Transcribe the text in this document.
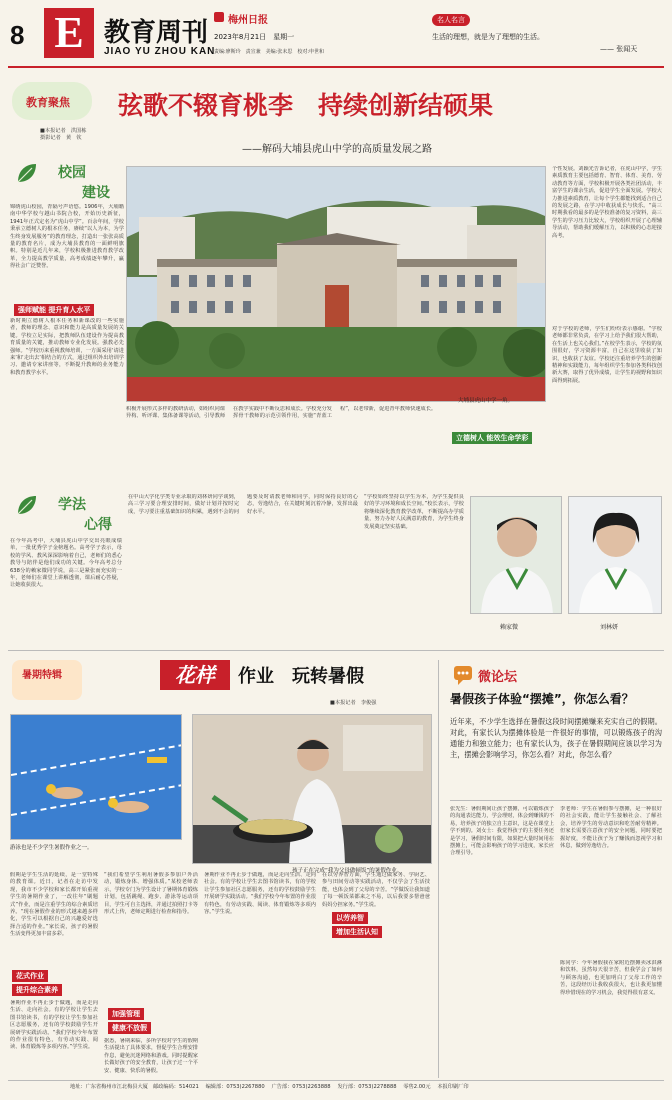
8 E 教育周刊
JIAO YU ZHOU KAN
梅州日报
2023年8月21日　 星期一
责编:廖斯玲　责宣兼　美编:张未思　校对:申世和
名人名言
生活的理想，就是为了理想的生活。
—— 张闻天
教育聚焦 弦歌不辍育桃李　持续创新结硕果
——解码大埔县虎山中学的高质量发展之路
■本报记者　洪国栋
摄影记者　黄　钦
校园
建设
锦绣虎山校园，青隔号声语悠。1906年，大埔籍南中华学校与越山书院合校，开始历史新征，1941年正式定名为“虎山中学”。百余年间，学校秉承立德树人的根本任务，赓续“以人为本，为学生终身发展服务”的教育理念，打造出一张张高质量的教育名片，成为大埔县教育的一面鲜明旗帜。特别是近几年来，学校积极推进教育教学改革，全力提高教学质量，高考成绩逐年攀升，赢得社会广泛赞誉。
强师赋能 提升育人水平
新时期立德树人根本任务和新课改的一些实施者，教师的理念、意识和能力是高质量发展的关键。学校立足实际，把教师队伍建设作为提高教育质量的关键，推动教师专业化发展。强教必先强师。“学校历来重视教师培训，一方面采用‘请进来’和‘走出去’相结合的方式，通过组织外出培训学习、邀请专家讲座等，不断提升教师的业务能力和教育教学水平。
大埔县虎山中学一角。
积极开展形式多样的教研活动，如组织同课异构、听评课、集体备课等活动，引导教师在教学实践中不断反思和成长。学校充分发挥骨干教师的示范引领作用，实施“青蓝工程”，以老带新，促进青年教师快速成长。
立德树人 能效生命学彩
个性发展。刘颖光告诉记者，在虎山中学，学生素质教育主要包括德育、智育、体育、美育、劳动教育等方面，学校积极开展各类社团活动，丰富学生的课余生活，促进学生全面发展。学校大力推进素质教育，让每个学生都能找到适合自己的发展之路，在学习中收获成长与快乐。“高三时期我看的最多的是学校准备的复习资料，高三学生的学习压力比较大，学校组织开展了心理辅导活动，帮助我们缓解压力，以积极的心态迎接高考。
对于学校的老师，学生们纷纷表示感谢。“学校老师都非常负责，在学习上给予我们很大帮助，在生活上也关心我们。”在校学生表示，学校的氛围很好，学习资源丰富，自己在这里收获了知识，也收获了友谊。学校还注重培养学生的创新精神和实践能力，每年组织学生参加各类科技创新大赛，取得了优异成绩，让学生的视野和知识面得到拓展。
学法
心得
在今年高考中，大埔县虎山中学交出亮眼成绩单，一批优秀学子金榜题名。高考学子表示，母校的学风、教风深深影响着自己，老师们的悉心教导与陪伴是他们成功的关键。今年高考总分638分的赖家微同学说，高三是紧张而充实的一年，老师们在课堂上讲解透彻，课后耐心答疑，让她收获很大。
在中山大学化学类专业录取的刘林妍同学谈到，高三学习要合理安排时间，做好计划并按时完成，学习要注重基础知识的积累，遇到不会的问题要及时请教老师和同学，同时保持良好的心态，劳逸结合，在关键时刻沉着冷静，发挥出最好水平。
“学校始终坚持以学生为本，为学生提供良好的学习环境和成长空间。”校长表示，学校将继续深化教育教学改革，不断提高办学质量，努力办好人民满意的教育，为学生终身发展奠定坚实基础。
赖家微	刘林妍
暑期特辑	花样	作业　玩转暑假
■本报记者　李俊强
游泳也是不少学生暑假作业之一。
孩子正在完成“我为父母做顿饭”的暑假作业。
假期是学生生活的延续，是一堂特殊的教育课。近日，记者在走访中发现，我市不少学校和家长都开始重视学生的暑期作业了，一改往年“刷题式”作业，而是注重学生的综合素质培养。“现在暑假作业的形式越来越多样化，学生可以根据自己的兴趣爱好选择合适的作业。”家长说，孩子的暑假生活变得更加丰富多彩。
花式作业
提升综合素养
暑期作业不再止步于做题，而是走向生活、走向社会。有的学校让学生去图书馆读书，有的学校让学生参加社区志愿服务，还有的学校鼓励学生开展研学实践活动。“我们学校今年布置的作业很有特色，有劳动实践、阅读、体育锻炼等多项内容。”学生说。
“我们希望学生利用暑假多参加户外活动，锻炼身体、增强体质。”某校老师表示，学校专门为学生设计了暑期体育锻炼计划，包括跳绳、跑步、游泳等运动项目，学生可自主选择，并通过拍照打卡等形式上传，老师定期进行检查和指导。
加强管理
健康不放假
据悉，暑期来临，多所学校对学生的假期生活提出了具体要求，督促学生合理安排作息，避免沉迷网络和游戏。同时提醒家长做好孩子的安全教育，让孩子过一个平安、健康、快乐的暑假。
暑期作业不再止步于做题，而是走向生活、走向社会。有的学校让学生去图书馆读书，有的学校让学生参加社区志愿服务，还有的学校鼓励学生开展研学实践活动。“我们学校今年布置的作业很有特色，有劳动实践、阅读、体育锻炼等多项内容。”学生说。
以劳养智
增加生活认知
在以劳养智方面，学生通过做家务、学厨艺、参与田间劳动等实践活动，不仅学会了生活技能，也体会到了父母的辛苦。“学做饭让我知道了每一顿饭菜都来之不易，以后我要多帮爸爸妈妈分担家务。”学生说。
微论坛
暑假孩子体验“摆摊”，你怎么看？
近年来，不少学生选择在暑假这段时间摆摊赚来充实自己的假期。对此，有家长认为摆摊体验是一件很好的事情，可以锻炼孩子的沟通能力和独立能力；也有家长认为，孩子在暑假期间应该以学习为主，摆摊会影响学习，你怎么看？对此，你怎么看？
张先生：暑假期间让孩子摆摊，可以锻炼孩子的沟通表达能力，学会理财，体会到赚钱的不易，培养孩子的独立自主意识，这是在课堂上学不到的。刘女士：我觉得孩子的主要任务还是学习，暑假时间有限，如果把大量时间用在摆摊上，可能会影响孩子的学习进度，家长应合理引导。
李老师：学生在暑假参与摆摊，是一种很好的社会实践，能让学生接触社会、了解社会，培养学生的劳动意识和吃苦耐劳精神。但家长需要注意孩子的安全问题，同时要把握好度，不能让孩子为了赚钱而忽视学习和休息，做到劳逸结合。
陈同学：今年暑假我在家附近摆摊卖冰淇淋和饮料，虽然每天很辛苦，但我学会了如何与顾客沟通，也更加明白了父母工作的辛苦，这段经历让我收获很大，也让我更加懂得珍惜现在的学习机会，我觉得很有意义。
地址：广东省梅州市江北梅县大厦　邮政编码：514021　 编辑部：0753)2267880　 广告部：0753)2263888　 发行部：0753)2278888　 零售2.00元　 本报印刷厂印
